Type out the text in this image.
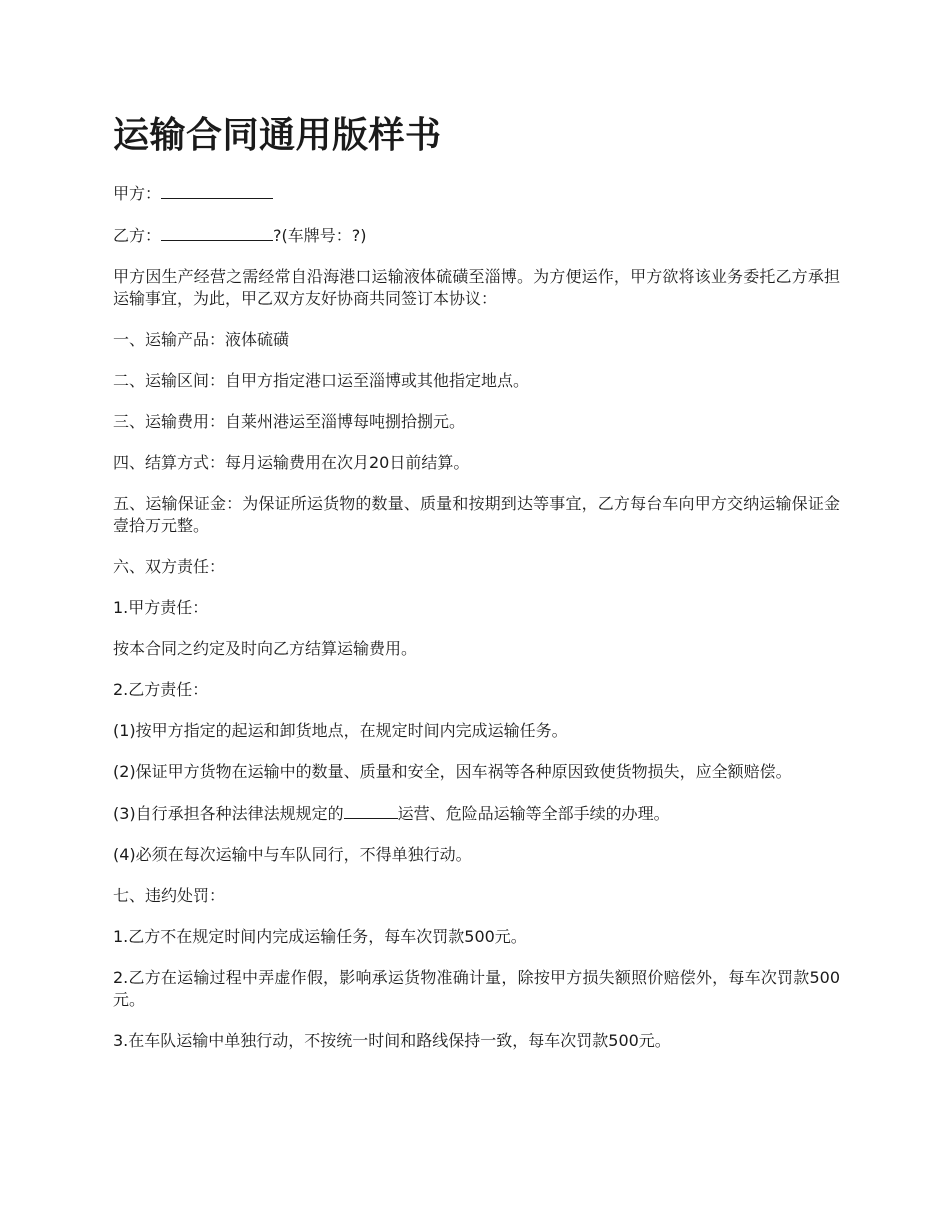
运输合同通用版样书

甲方：

乙方：	?(车牌号：?)

甲方因生产经营之需经常自沿海港口运输液体硫磺至淄博。为方便运作，甲方欲将该业务委托乙方承担运输事宜，为此，甲乙双方友好协商共同签订本协议：

一、运输产品：液体硫磺

二、运输区间：自甲方指定港口运至淄博或其他指定地点。

三、运输费用：自莱州港运至淄博每吨捌拾捌元。

四、结算方式：每月运输费用在次月20日前结算。

五、运输保证金：为保证所运货物的数量、质量和按期到达等事宜，乙方每台车向甲方交纳运输保证金壹拾万元整。

六、双方责任：

1.甲方责任：

按本合同之约定及时向乙方结算运输费用。

2.乙方责任：

(1)按甲方指定的起运和卸货地点，在规定时间内完成运输任务。

(2)保证甲方货物在运输中的数量、质量和安全，因车祸等各种原因致使货物损失，应全额赔偿。

(3)自行承担各种法律法规规定的	运营、危险品运输等全部手续的办理。

(4)必须在每次运输中与车队同行，不得单独行动。

七、违约处罚：

1.乙方不在规定时间内完成运输任务，每车次罚款500元。

2.乙方在运输过程中弄虚作假，影响承运货物准确计量，除按甲方损失额照价赔偿外，每车次罚款500元。

3.在车队运输中单独行动，不按统一时间和路线保持一致，每车次罚款500元。
